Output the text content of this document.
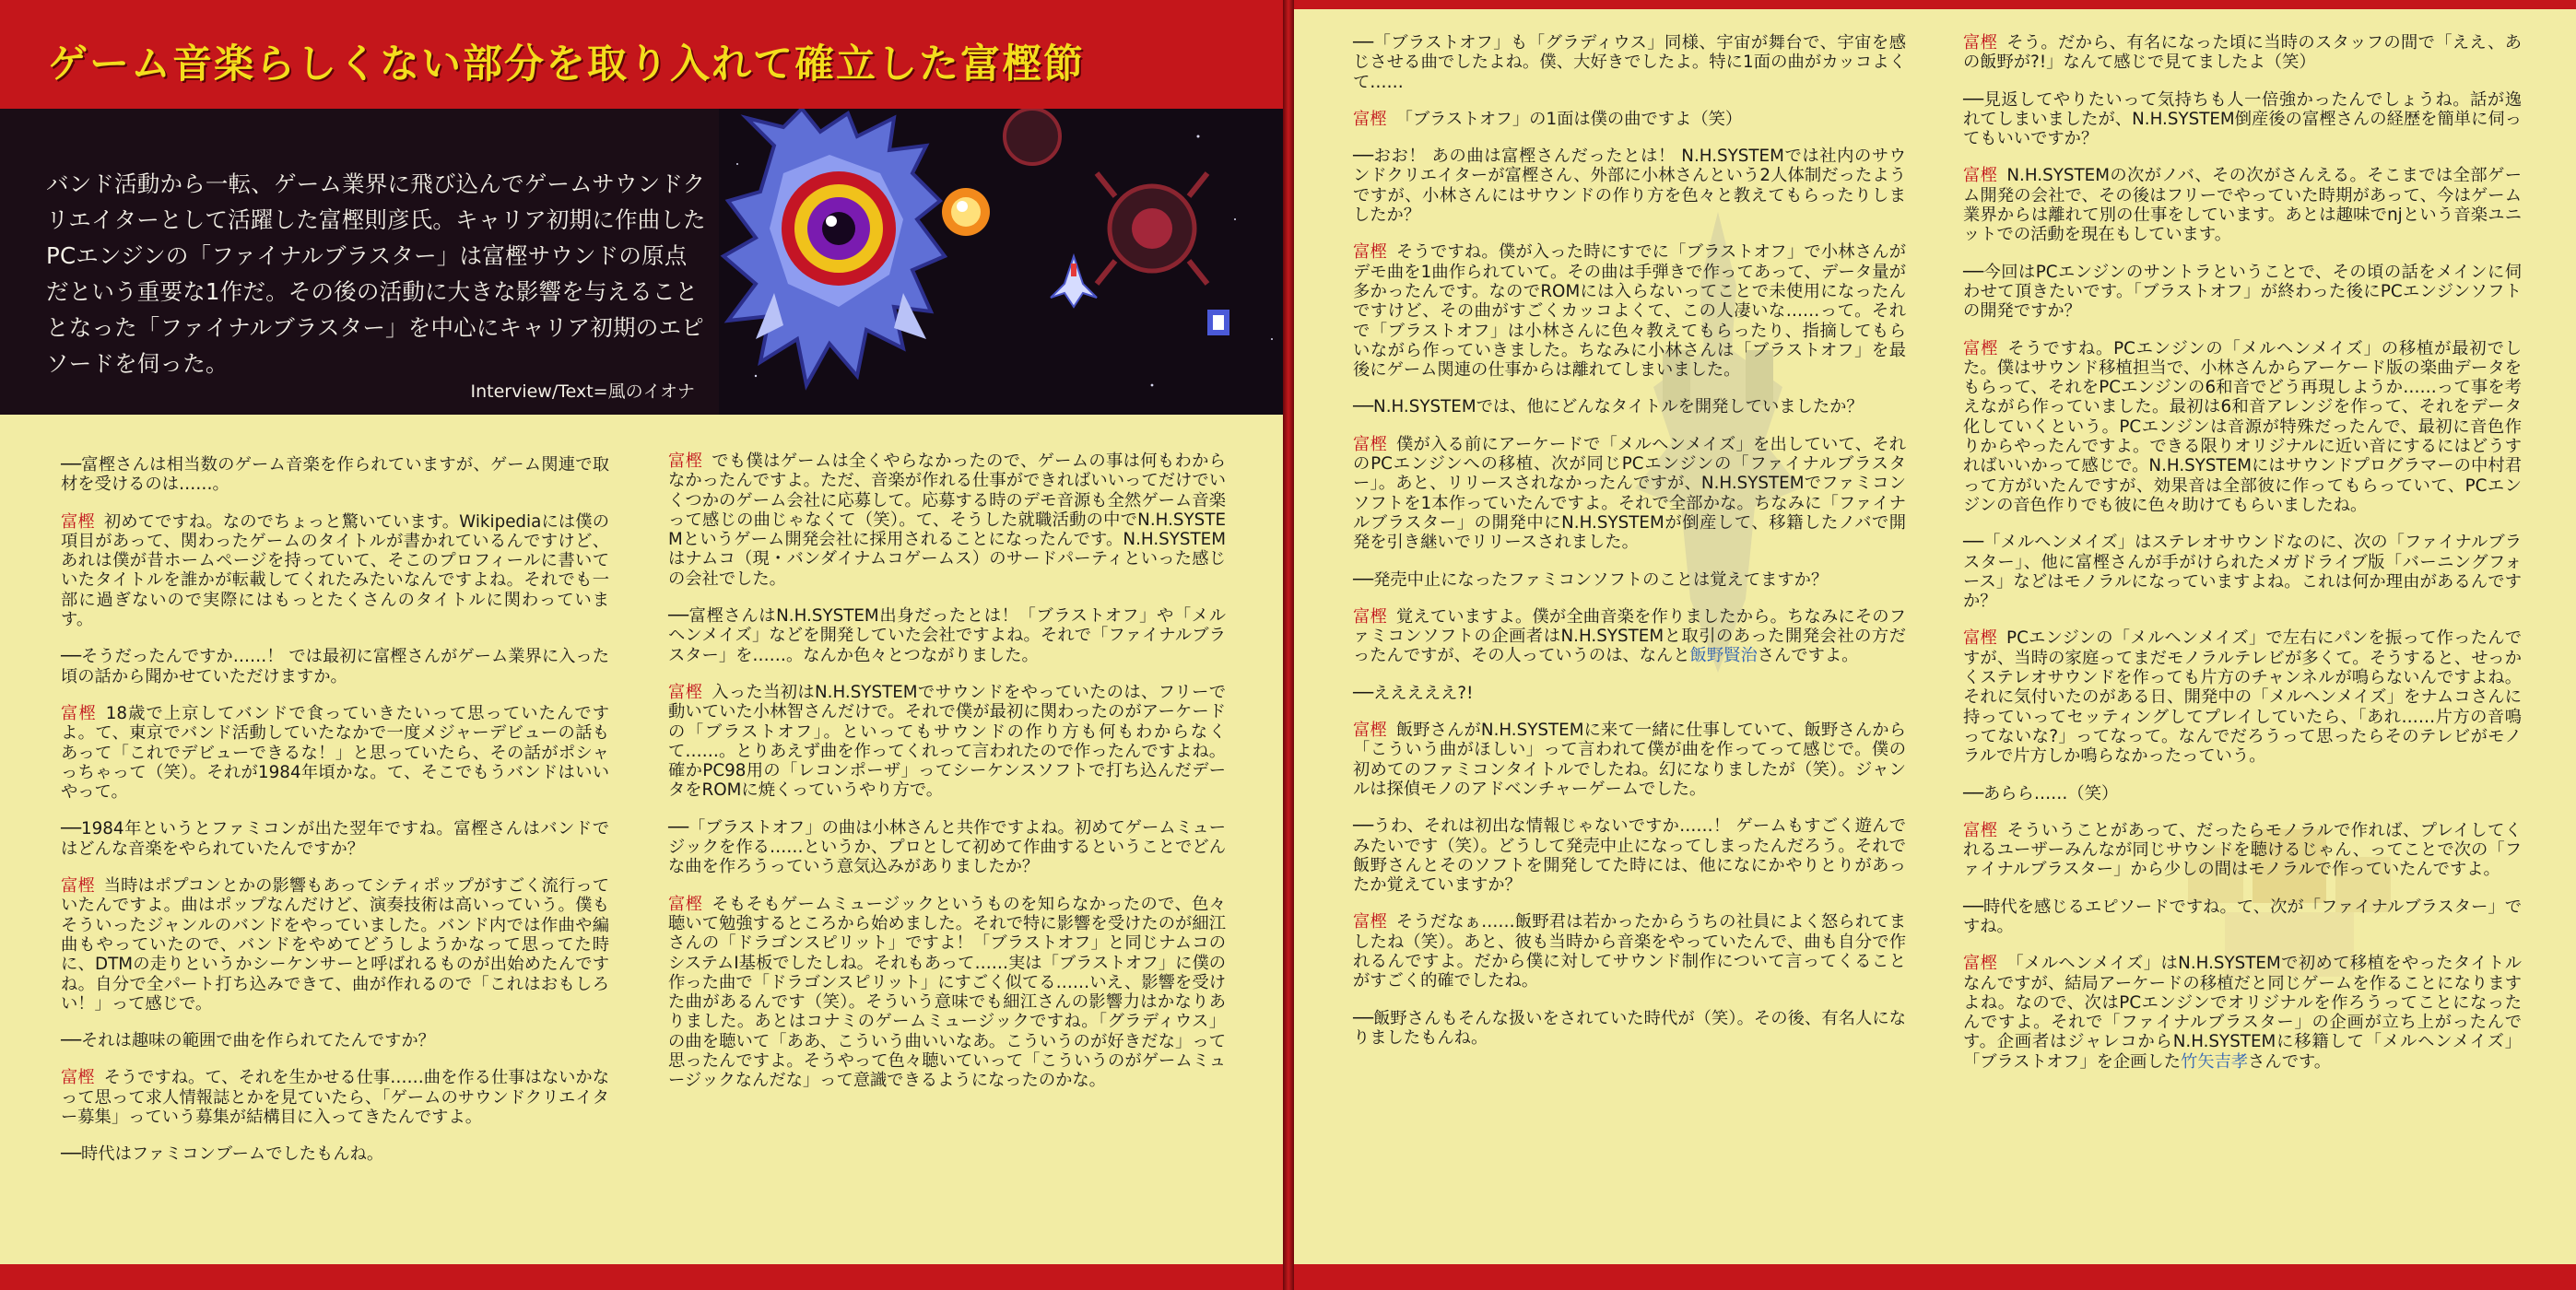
ゲーム音楽らしくない部分を取り入れて確立した富樫節
バンド活動から一転、ゲーム業界に飛び込んでゲームサウンドクリエイターとして活躍した富樫則彦氏。キャリア初期に作曲したPCエンジンの「ファイナルブラスター」は富樫サウンドの原点だという重要な1作だ。その後の活動に大きな影響を与えることとなった「ファイナルブラスター」を中心にキャリア初期のエピソードを伺った。
Interview/Text=風のイオナ

──富樫さんは相当数のゲーム音楽を作られていますが、ゲーム関連で取材を受けるのは……。

富樫 初めてですね。なのでちょっと驚いています。Wikipediaには僕の項目があって、関わったゲームのタイトルが書かれているんですけど、あれは僕が昔ホームページを持っていて、そこのプロフィールに書いていたタイトルを誰かが転載してくれたみたいなんですよね。それでも一部に過ぎないので実際にはもっとたくさんのタイトルに関わっています。

──そうだったんですか……！ では最初に富樫さんがゲーム業界に入った頃の話から聞かせていただけますか。

富樫 18歳で上京してバンドで食っていきたいって思っていたんですよ。て、東京でバンド活動していたなかで一度メジャーデビューの話もあって「これでデビューできるな！」と思っていたら、その話がポシャっちゃって（笑）。それが1984年頃かな。て、そこでもうバンドはいいやって。

──1984年というとファミコンが出た翌年ですね。富樫さんはバンドではどんな音楽をやられていたんですか？

富樫 当時はポプコンとかの影響もあってシティポップがすごく流行っていたんですよ。曲はポップなんだけど、演奏技術は高いっていう。僕もそういったジャンルのバンドをやっていました。バンド内では作曲や編曲もやっていたので、バンドをやめてどうしようかなって思ってた時に、DTMの走りというかシーケンサーと呼ばれるものが出始めたんですね。自分で全パート打ち込みできて、曲が作れるので「これはおもしろい！」って感じで。

──それは趣味の範囲で曲を作られてたんですか？

富樫 そうですね。て、それを生かせる仕事……曲を作る仕事はないかなって思って求人情報誌とかを見ていたら、「ゲームのサウンドクリエイター募集」っていう募集が結構目に入ってきたんですよ。

──時代はファミコンブームでしたもんね。

富樫 でも僕はゲームは全くやらなかったので、ゲームの事は何もわからなかったんですよ。ただ、音楽が作れる仕事ができればいいってだけでいくつかのゲーム会社に応募して。応募する時のデモ音源も全然ゲーム音楽って感じの曲じゃなくて（笑）。て、そうした就職活動の中でN.H.SYSTEMというゲーム開発会社に採用されることになったんです。N.H.SYSTEMはナムコ（現・バンダイナムコゲームス）のサードパーティといった感じの会社でした。

──富樫さんはN.H.SYSTEM出身だったとは！「ブラストオフ」や「メルヘンメイズ」などを開発していた会社ですよね。それで「ファイナルブラスター」を……。なんか色々とつながりました。

富樫 入った当初はN.H.SYSTEMでサウンドをやっていたのは、フリーで動いていた小林智さんだけで。それで僕が最初に関わったのがアーケードの「ブラストオフ」。といってもサウンドの作り方も何もわからなくて……。とりあえず曲を作ってくれって言われたので作ったんですよね。確かPC98用の「レコンポーザ」ってシーケンスソフトで打ち込んだデータをROMに焼くっていうやり方で。

──「ブラストオフ」の曲は小林さんと共作ですよね。初めてゲームミュージックを作る……というか、プロとして初めて作曲するということでどんな曲を作ろうっていう意気込みがありましたか？

富樫 そもそもゲームミュージックというものを知らなかったので、色々聴いて勉強するところから始めました。それで特に影響を受けたのが細江さんの「ドラゴンスピリット」ですよ！「ブラストオフ」と同じナムコのシステムⅠ基板でしたしね。それもあって……実は「ブラストオフ」に僕の作った曲で「ドラゴンスピリット」にすごく似てる……いえ、影響を受けた曲があるんです（笑）。そういう意味でも細江さんの影響力はかなりありました。あとはコナミのゲームミュージックですね。「グラディウス」の曲を聴いて「ああ、こういう曲いいなあ。こういうのが好きだな」って思ったんですよ。そうやって色々聴いていって「こういうのがゲームミュージックなんだな」って意識できるようになったのかな。

──「ブラストオフ」も「グラディウス」同様、宇宙が舞台で、宇宙を感じさせる曲でしたよね。僕、大好きでしたよ。特に1面の曲がカッコよくて……

富樫 「ブラストオフ」の1面は僕の曲ですよ（笑）

──おお！ あの曲は富樫さんだったとは！ N.H.SYSTEMでは社内のサウンドクリエイターが富樫さん、外部に小林さんという2人体制だったようですが、小林さんにはサウンドの作り方を色々と教えてもらったりしましたか？

富樫 そうですね。僕が入った時にすでに「ブラストオフ」で小林さんがデモ曲を1曲作られていて。その曲は手弾きで作ってあって、データ量が多かったんです。なのでROMには入らないってことで未使用になったんですけど、その曲がすごくカッコよくて、この人凄いな……って。それで「ブラストオフ」は小林さんに色々教えてもらったり、指摘してもらいながら作っていきました。ちなみに小林さんは「ブラストオフ」を最後にゲーム関連の仕事からは離れてしまいました。

──N.H.SYSTEMでは、他にどんなタイトルを開発していましたか？

富樫 僕が入る前にアーケードで「メルヘンメイズ」を出していて、それのPCエンジンへの移植、次が同じPCエンジンの「ファイナルブラスター」。あと、リリースされなかったんですが、N.H.SYSTEMでファミコンソフトを1本作っていたんですよ。それで全部かな。ちなみに「ファイナルブラスター」の開発中にN.H.SYSTEMが倒産して、移籍したノバで開発を引き継いでリリースされました。

──発売中止になったファミコンソフトのことは覚えてますか？

富樫 覚えていますよ。僕が全曲音楽を作りましたから。ちなみにそのファミコンソフトの企画者はN.H.SYSTEMと取引のあった開発会社の方だったんですが、その人っていうのは、なんと飯野賢治さんですよ。

──えええええ?!

富樫 飯野さんがN.H.SYSTEMに来て一緒に仕事していて、飯野さんから「こういう曲がほしい」って言われて僕が曲を作ってって感じで。僕の初めてのファミコンタイトルでしたね。幻になりましたが（笑）。ジャンルは探偵モノのアドベンチャーゲームでした。

──うわ、それは初出な情報じゃないですか……！ ゲームもすごく遊んでみたいです（笑）。どうして発売中止になってしまったんだろう。それで飯野さんとそのソフトを開発してた時には、他になにかやりとりがあったか覚えていますか？

富樫 そうだなぁ……飯野君は若かったからうちの社員によく怒られてましたね（笑）。あと、彼も当時から音楽をやっていたんで、曲も自分で作れるんですよ。だから僕に対してサウンド制作について言ってくることがすごく的確でしたね。

──飯野さんもそんな扱いをされていた時代が（笑）。その後、有名人になりましたもんね。

富樫 そう。だから、有名になった頃に当時のスタッフの間で「ええ、あの飯野が?!」なんて感じで見てましたよ（笑）

──見返してやりたいって気持ちも人一倍強かったんでしょうね。話が逸れてしまいましたが、N.H.SYSTEM倒産後の富樫さんの経歴を簡単に伺ってもいいですか？

富樫 N.H.SYSTEMの次がノバ、その次がさんえる。そこまでは全部ゲーム開発の会社で、その後はフリーでやっていた時期があって、今はゲーム業界からは離れて別の仕事をしています。あとは趣味でnjという音楽ユニットでの活動を現在もしています。

──今回はPCエンジンのサントラということで、その頃の話をメインに伺わせて頂きたいです。「ブラストオフ」が終わった後にPCエンジンソフトの開発ですか？

富樫 そうですね。PCエンジンの「メルヘンメイズ」の移植が最初でした。僕はサウンド移植担当で、小林さんからアーケード版の楽曲データをもらって、それをPCエンジンの6和音でどう再現しようか……って事を考えながら作っていました。最初は6和音アレンジを作って、それをデータ化していくという。PCエンジンは音源が特殊だったんで、最初に音色作りからやったんですよ。できる限りオリジナルに近い音にするにはどうすればいいかって感じで。N.H.SYSTEMにはサウンドプログラマーの中村君って方がいたんですが、効果音は全部彼に作ってもらっていて、PCエンジンの音色作りでも彼に色々助けてもらいましたね。

──「メルヘンメイズ」はステレオサウンドなのに、次の「ファイナルブラスター」、他に富樫さんが手がけられたメガドライブ版「バーニングフォース」などはモノラルになっていますよね。これは何か理由があるんですか？

富樫 PCエンジンの「メルヘンメイズ」で左右にパンを振って作ったんですが、当時の家庭ってまだモノラルテレビが多くて。そうすると、せっかくステレオサウンドを作っても片方のチャンネルが鳴らないんですよね。それに気付いたのがある日、開発中の「メルヘンメイズ」をナムコさんに持っていってセッティングしてプレイしていたら、「あれ……片方の音鳴ってないな?」ってなって。なんでだろうって思ったらそのテレビがモノラルで片方しか鳴らなかったっていう。

──あらら……（笑）

富樫 そういうことがあって、だったらモノラルで作れば、プレイしてくれるユーザーみんなが同じサウンドを聴けるじゃん、ってことで次の「ファイナルブラスター」から少しの間はモノラルで作っていたんですよ。

──時代を感じるエピソードですね。て、次が「ファイナルブラスター」ですね。

富樫 「メルヘンメイズ」はN.H.SYSTEMで初めて移植をやったタイトルなんですが、結局アーケードの移植だと同じゲームを作ることになりますよね。なので、次はPCエンジンでオリジナルを作ろうってことになったんですよ。それで「ファイナルブラスター」の企画が立ち上がったんです。企画者はジャレコからN.H.SYSTEMに移籍して「メルヘンメイズ」「ブラストオフ」を企画した竹矢吉孝さんです。
